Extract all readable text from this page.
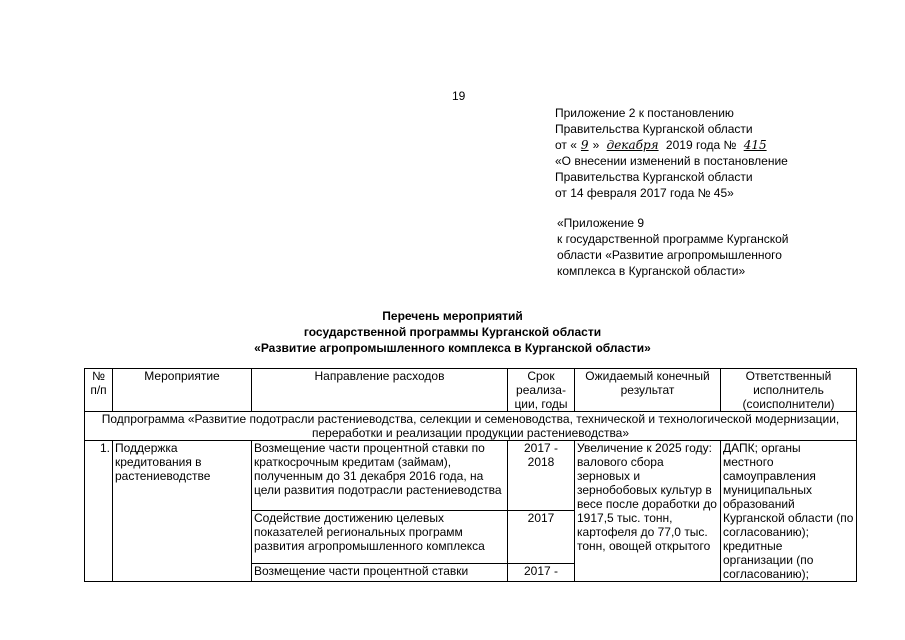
19
Приложение 2 к постановлению
Правительства Курганской области
от « 9 » декабря 2019 года № 415
«О внесении изменений в постановление
Правительства Курганской области
от 14 февраля 2017 года № 45»
«Приложение 9
к государственной программе Курганской
области «Развитие агропромышленного
комплекса в Курганской области»
Перечень мероприятий
государственной программы Курганской области
«Развитие агропромышленного комплекса в Курганской области»
№ п/п	Мероприятие	Направление расходов	Срок реализа-ции, годы	Ожидаемый конечный результат	Ответственный исполнитель (соисполнители)
Подпрограмма «Развитие подотрасли растениеводства, селекции и семеноводства, технической и технологической модернизации, переработки и реализации продукции растениеводства»					
1.	Поддержка кредитования в растениеводстве	Возмещение части процентной ставки по краткосрочным кредитам (займам), полученным до 31 декабря 2016 года, на цели развития подотрасли растениеводства	2017 - 2018	Увеличение к 2025 году: валового сбора зерновых и зернобобовых культур в весе после доработки до 1917,5 тыс. тонн, картофеля до 77,0 тыс. тонн, овощей открытого	ДАПК; органы местного самоуправления муниципальных образований Курганской области (по согласованию); кредитные организации (по согласованию);
		Содействие достижению целевых показателей региональных программ развития агропромышленного комплекса	2017		
		Возмещение части процентной ставки	2017 -		
